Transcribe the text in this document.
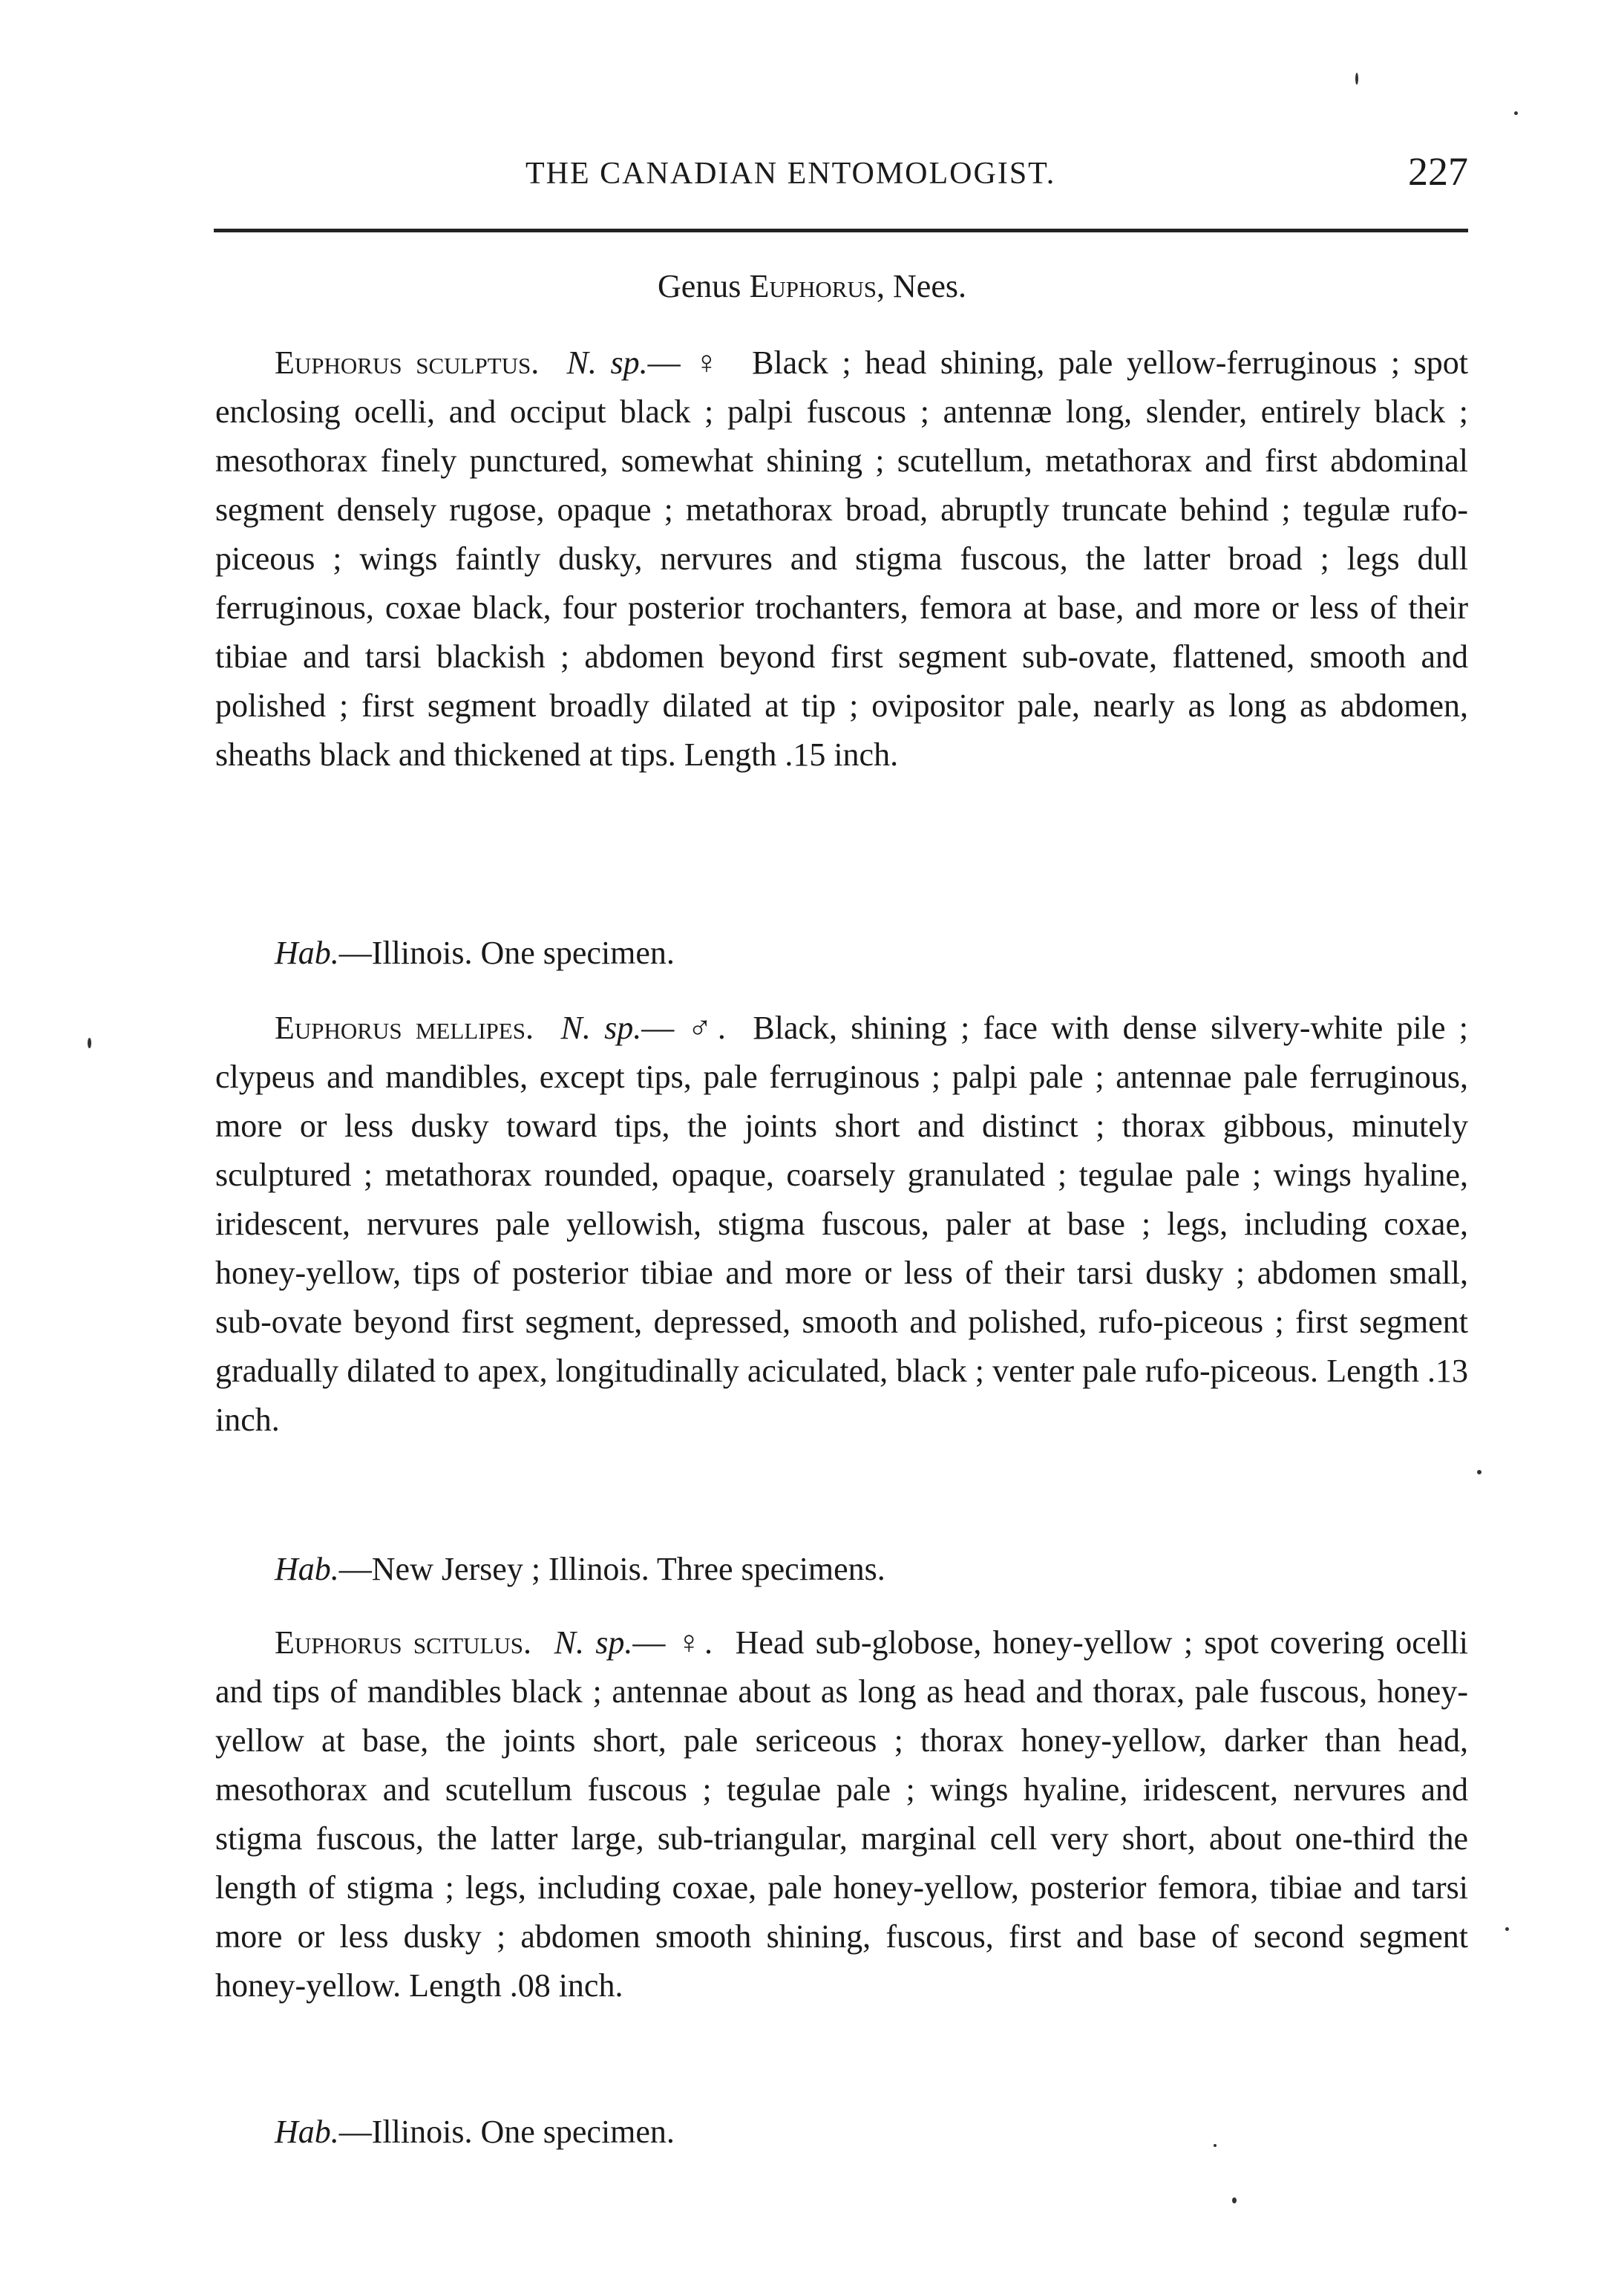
THE CANADIAN ENTOMOLOGIST.	227
Genus Euphorus, Nees.

Euphorus sculptus. N. sp.— ♀ Black ; head shining, pale yellow-ferruginous ; spot enclosing ocelli, and occiput black ; palpi fuscous ; antennæ long, slender, entirely black ; mesothorax finely punctured, somewhat shining ; scutellum, metathorax and first abdominal segment densely rugose, opaque ; metathorax broad, abruptly truncate behind ; tegulæ rufo-piceous ; wings faintly dusky, nervures and stigma fuscous, the latter broad ; legs dull ferruginous, coxae black, four posterior trochanters, femora at base, and more or less of their tibiae and tarsi blackish ; abdomen beyond first segment sub-ovate, flattened, smooth and polished ; first segment broadly dilated at tip ; ovipositor pale, nearly as long as abdomen, sheaths black and thickened at tips. Length .15 inch.

Hab.—Illinois. One specimen.

Euphorus mellipes. N. sp.— ♂. Black, shining ; face with dense silvery-white pile ; clypeus and mandibles, except tips, pale ferruginous ; palpi pale ; antennae pale ferruginous, more or less dusky toward tips, the joints short and distinct ; thorax gibbous, minutely sculptured ; metathorax rounded, opaque, coarsely granulated ; tegulae pale ; wings hyaline, iridescent, nervures pale yellowish, stigma fuscous, paler at base ; legs, including coxae, honey-yellow, tips of posterior tibiae and more or less of their tarsi dusky ; abdomen small, sub-ovate beyond first segment, depressed, smooth and polished, rufo-piceous ; first segment gradually dilated to apex, longitudinally aciculated, black ; venter pale rufo-piceous. Length .13 inch.

Hab.—New Jersey ; Illinois. Three specimens.

Euphorus scitulus. N. sp.— ♀. Head sub-globose, honey-yellow ; spot covering ocelli and tips of mandibles black ; antennae about as long as head and thorax, pale fuscous, honey-yellow at base, the joints short, pale sericeous ; thorax honey-yellow, darker than head, mesothorax and scutellum fuscous ; tegulae pale ; wings hyaline, iridescent, nervures and stigma fuscous, the latter large, sub-triangular, marginal cell very short, about one-third the length of stigma ; legs, including coxae, pale honey-yellow, posterior femora, tibiae and tarsi more or less dusky ; abdomen smooth shining, fuscous, first and base of second segment honey-yellow. Length .08 inch.

Hab.—Illinois. One specimen.
